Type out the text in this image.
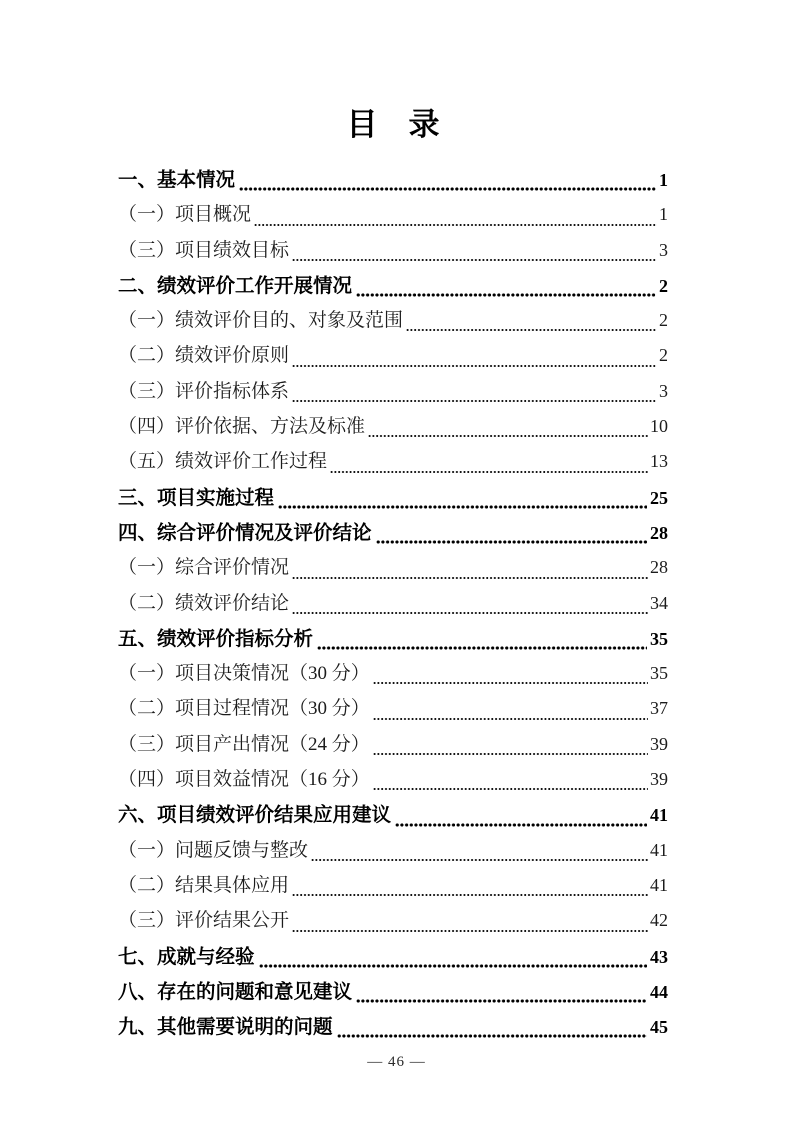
目　录
一、基本情况	1
（一）项目概况	1
（三）项目绩效目标	3
二、绩效评价工作开展情况	2
（一）绩效评价目的、对象及范围	2
（二）绩效评价原则	2
（三）评价指标体系	3
（四）评价依据、方法及标准	10
（五）绩效评价工作过程	13
三、项目实施过程	25
四、综合评价情况及评价结论	28
（一）综合评价情况	28
（二）绩效评价结论	34
五、绩效评价指标分析	35
（一）项目决策情况（30 分）	35
（二）项目过程情况（30 分）	37
（三）项目产出情况（24 分）	39
（四）项目效益情况（16 分）	39
六、项目绩效评价结果应用建议	41
（一）问题反馈与整改	41
（二）结果具体应用	41
（三）评价结果公开	42
七、成就与经验	43
八、存在的问题和意见建议	44
九、其他需要说明的问题	45
— 46 —
